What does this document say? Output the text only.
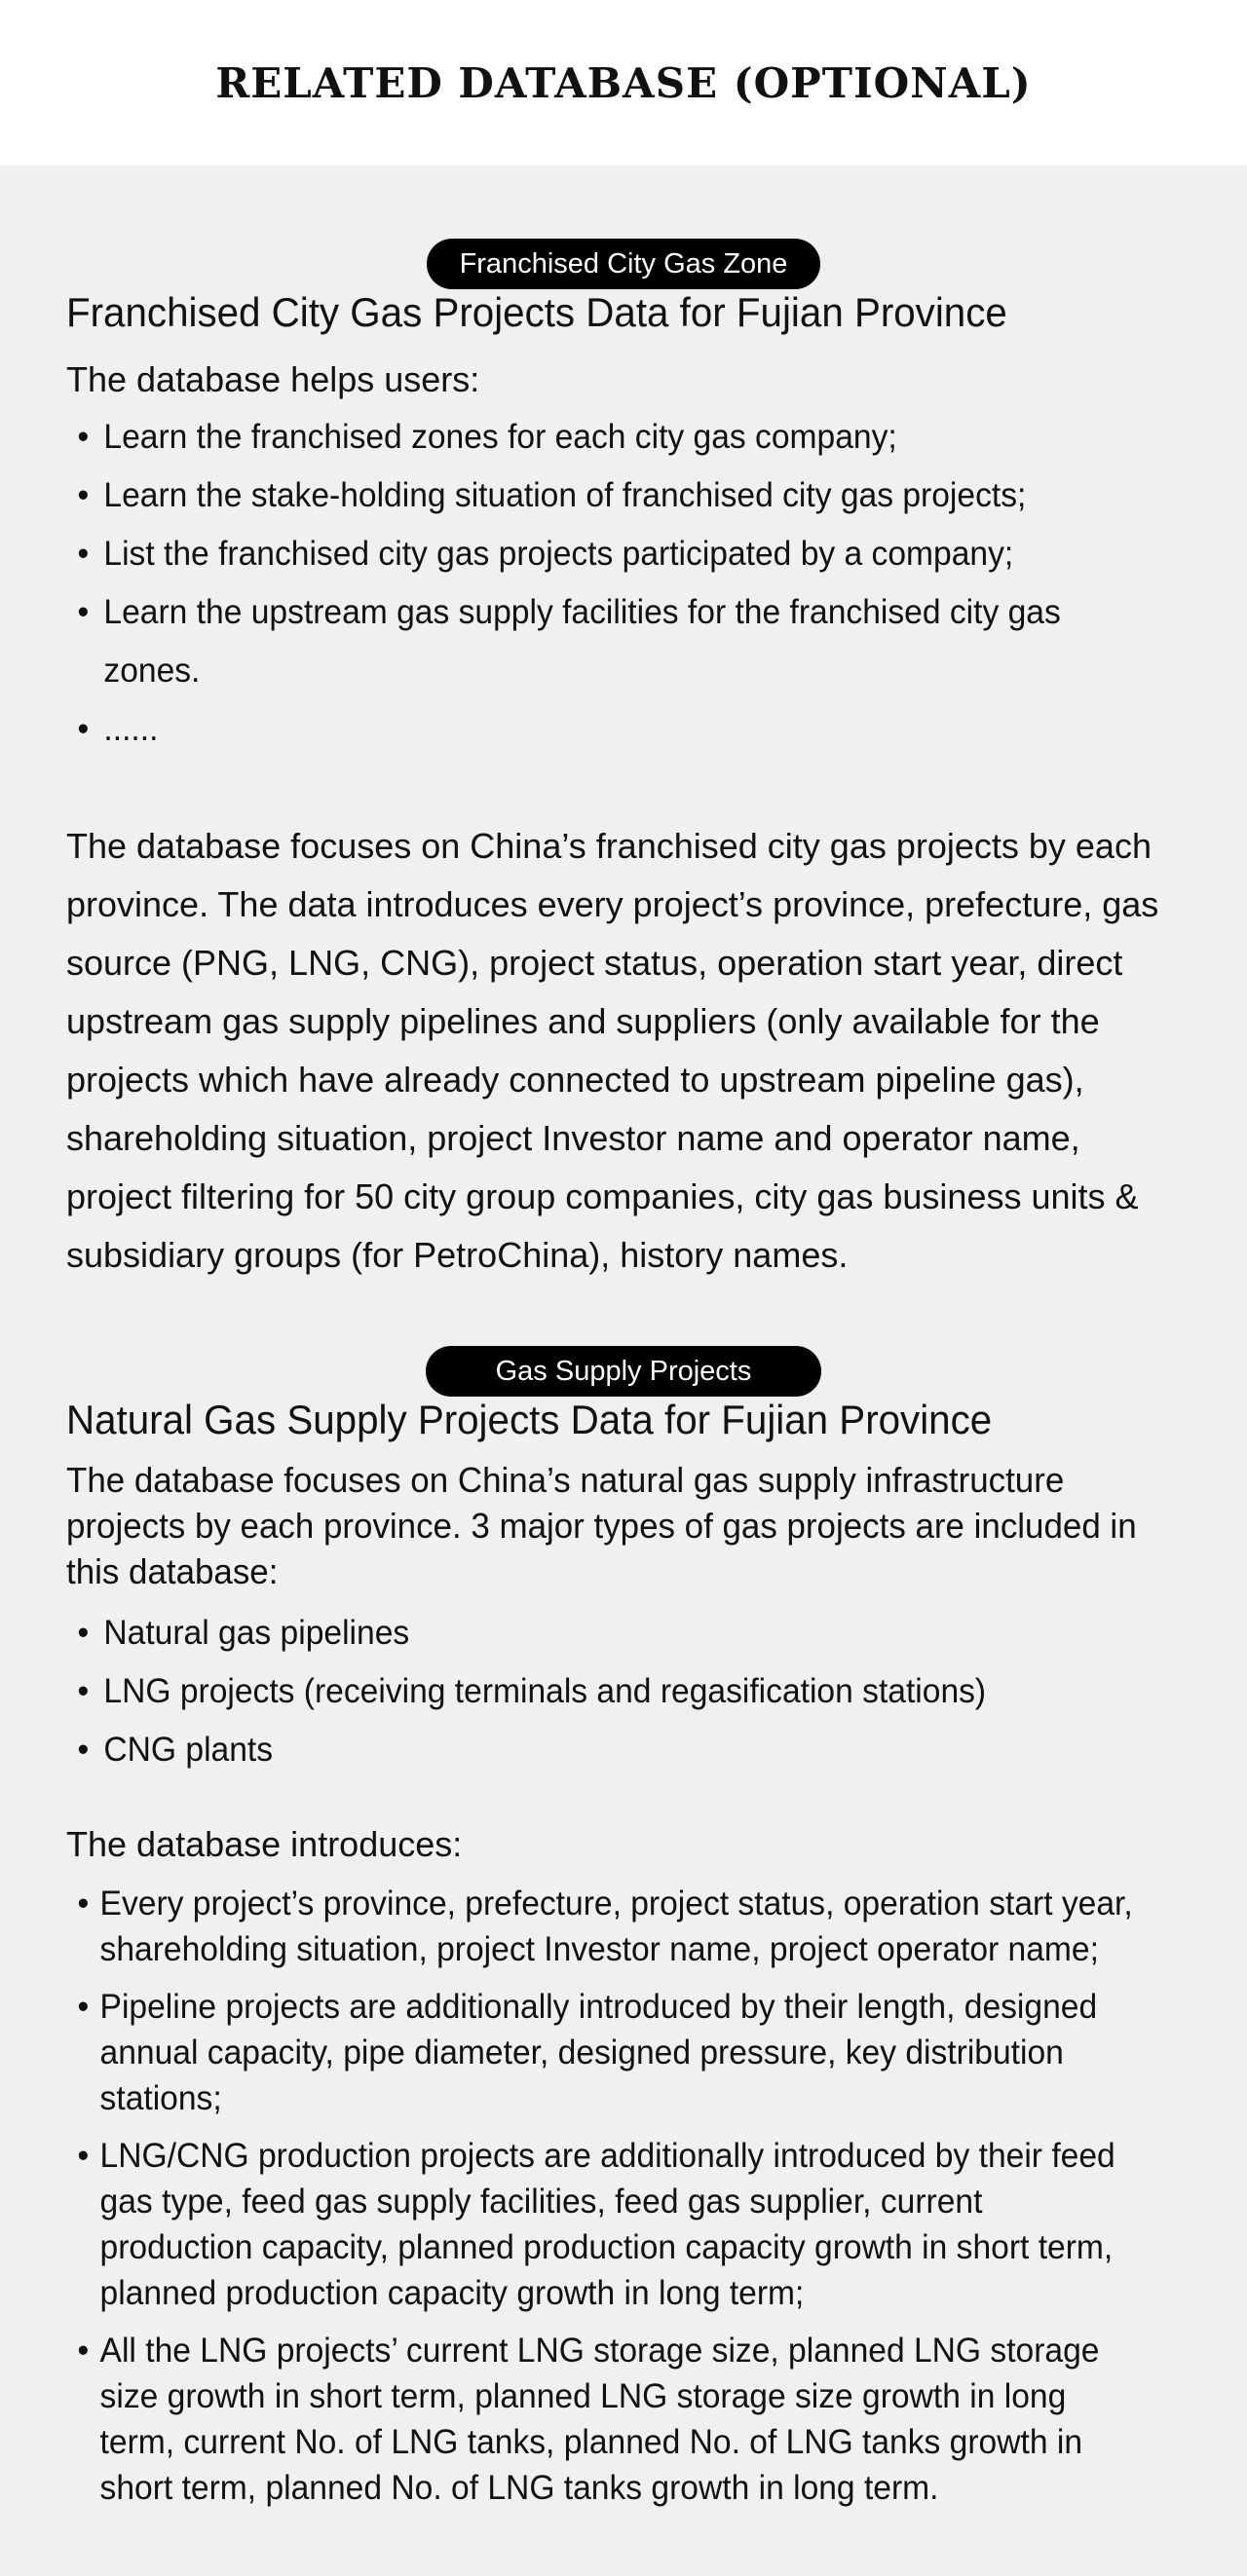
RELATED DATABASE (OPTIONAL)
Franchised City Gas Zone
Franchised City Gas Projects Data for Fujian Province

The database helps users:

• Learn the franchised zones for each city gas company;
• Learn the stake-holding situation of franchised city gas projects;
• List the franchised city gas projects participated by a company;
• Learn the upstream gas supply facilities for the franchised city gas zones.
• ......

The database focuses on China’s franchised city gas projects by each province. The data introduces every project’s province, prefecture, gas source (PNG, LNG, CNG), project status, operation start year, direct upstream gas supply pipelines and suppliers (only available for the projects which have already connected to upstream pipeline gas), shareholding situation, project Investor name and operator name, project filtering for 50 city group companies, city gas business units & subsidiary groups (for PetroChina), history names.

Gas Supply Projects
Natural Gas Supply Projects Data for Fujian Province

The database focuses on China’s natural gas supply infrastructure projects by each province. 3 major types of gas projects are included in this database:

• Natural gas pipelines
• LNG projects (receiving terminals and regasification stations)
• CNG plants

The database introduces:

• Every project’s province, prefecture, project status, operation start year, shareholding situation, project Investor name, project operator name;
• Pipeline projects are additionally introduced by their length, designed annual capacity, pipe diameter, designed pressure, key distribution stations;
• LNG/CNG production projects are additionally introduced by their feed gas type, feed gas supply facilities, feed gas supplier, current production capacity, planned production capacity growth in short term, planned production capacity growth in long term;
• All the LNG projects’ current LNG storage size, planned LNG storage size growth in short term, planned LNG storage size growth in long term, current No. of LNG tanks, planned No. of LNG tanks growth in short term, planned No. of LNG tanks growth in long term.
